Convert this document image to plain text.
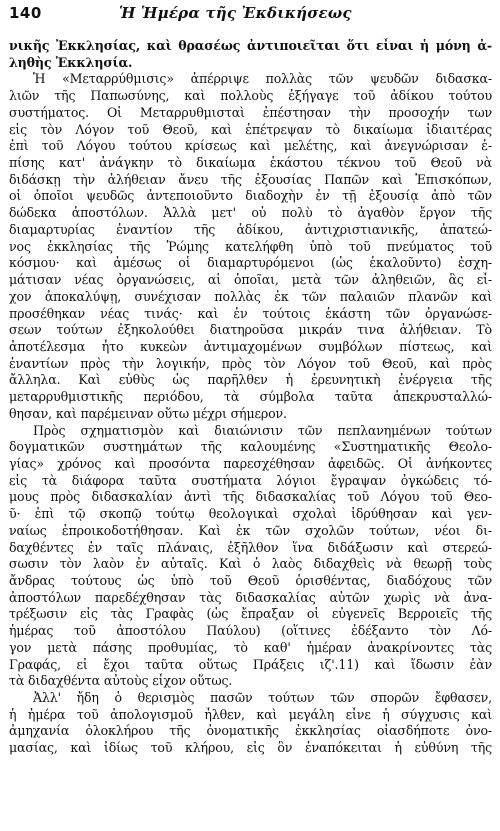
140	Ἡ Ἡμέρα τῆς Ἐκδικήσεως
νικῆς Ἐκκλησίας, καὶ θρασέως ἀντιποιεῖται ὅτι εἶναι ἡ μόνη ἀ-
ληθὴς Ἐκκλησία.
Ἡ «Μεταρρύθμισις» ἀπέρριψε πολλὰς τῶν ψευδῶν διδασκα-
λιῶν τῆς Παπωσύνης, καὶ πολλοὺς ἐξήγαγε τοῦ ἀδίκου τούτου
συστήματος. Οἱ Μεταρρυθμισταὶ ἐπέστησαν τὴν προσοχήν των
εἰς τὸν Λόγον τοῦ Θεοῦ, καὶ ἐπέτρεψαν τὸ δικαίωμα ἰδιαιτέρας
ἐπὶ τοῦ Λόγου τούτου κρίσεως καὶ μελέτης, καὶ ἀνεγνώρισαν ἐ-
πίσης κατ' ἀνάγκην τὸ δικαίωμα ἑκάστου τέκνου τοῦ Θεοῦ νὰ
διδάσκῃ τὴν ἀλήθειαν ἄνευ τῆς ἐξουσίας Παπῶν καὶ Ἐπισκόπων,
οἱ ὁποῖοι ψευδῶς ἀντεποιοῦντο διαδοχὴν ἐν τῇ ἐξουσίᾳ ἀπὸ τῶν
δώδεκα ἀποστόλων. Ἀλλὰ μετ' οὐ πολὺ τὸ ἀγαθὸν ἔργον τῆς
διαμαρτυρίας ἐναντίον τῆς ἀδίκου, ἀντιχριστιανικῆς, ἀπατεώ-
νος ἐκκλησίας τῆς Ῥώμης κατελήφθη ὑπὸ τοῦ πνεύματος τοῦ
κόσμου· καὶ ἀμέσως οἱ διαμαρτυρόμενοι (ὡς ἐκαλοῦντο) ἐσχη-
μάτισαν νέας ὀργανώσεις, αἱ ὁποῖαι, μετὰ τῶν ἀληθειῶν, ἃς εἶ-
χον ἀποκαλύψῃ, συνέχισαν πολλὰς ἐκ τῶν παλαιῶν πλανῶν καὶ
προσέθηκαν νέας τινάς· καὶ ἐν τούτοις ἑκάστη τῶν ὀργανώσε-
σεων τούτων ἐξηκολούθει διατηροῦσα μικράν τινα ἀλήθειαν. Τὸ
ἀποτέλεσμα ἦτο κυκεὼν ἀντιμαχομένων συμβόλων πίστεως, καὶ
ἐναντίων πρὸς τὴν λογικήν, πρὸς τὸν Λόγον τοῦ Θεοῦ, καὶ πρὸς
ἄλληλα. Καὶ εὐθὺς ὡς παρῆλθεν ἡ ἐρευνητικὴ ἐνέργεια τῆς
μεταρρυθμιστικῆς περιόδου, τὰ σύμβολα ταῦτα ἀπεκρυσταλλώ-
θησαν, καὶ παρέμειναν οὕτω μέχρι σήμερον.
Πρὸς σχηματισμὸν καὶ διαιώνισιν τῶν πεπλανημένων τούτων
δογματικῶν συστημάτων τῆς καλουμένης «Συστηματικῆς Θεολο-
γίας» χρόνος καὶ προσόντα παρεσχέθησαν ἀφειδῶς. Οἱ ἀνήκοντες
εἰς τὰ διάφορα ταῦτα συστήματα λόγιοι ἔγραψαν ὀγκώδεις τό-
μους πρὸς διδασκαλίαν ἀντὶ τῆς διδασκαλίας τοῦ Λόγου τοῦ Θεο-
ῦ· ἐπὶ τῷ σκοπῷ τούτῳ θεολογικαὶ σχολαὶ ἱδρύθησαν καὶ γεν-
ναίως ἐπροικοδοτήθησαν. Καὶ ἐκ τῶν σχολῶν τούτων, νέοι δι-
δαχθέντες ἐν ταῖς πλάναις, ἐξῆλθον ἵνα διδάξωσιν καὶ στερεώ-
σωσιν τὸν λαὸν ἐν αὐταῖς. Καὶ ὁ λαὸς διδαχθεὶς νὰ θεωρῇ τοὺς
ἄνδρας τούτους ὡς ὑπὸ τοῦ Θεοῦ ὁρισθέντας, διαδόχους τῶν
ἀποστόλων παρεδέχθησαν τὰς διδασκαλίας αὐτῶν χωρὶς νὰ ἀνα-
τρέξωσιν εἰς τὰς Γραφὰς (ὡς ἔπραξαν οἱ εὐγενεῖς Βερροιεῖς τῆς
ἡμέρας τοῦ ἀποστόλου Παύλου) (οἵτινες ἐδέξαντο τὸν Λό-
γον μετὰ πάσης προθυμίας, τὸ καθ' ἡμέραν ἀνακρίνοντες τὰς
Γραφάς, εἰ ἔχοι ταῦτα οὕτως Πράξεις ιζ'.11) καὶ ἴδωσιν ἐὰν
τὰ διδαχθέντα αὐτοὺς εἶχον οὕτως.
Ἀλλ' ἤδη ὁ θερισμὸς πασῶν τούτων τῶν σπορῶν ἔφθασεν,
ἡ ἡμέρα τοῦ ἀπολογισμοῦ ἦλθεν, καὶ μεγάλη εἶνε ἡ σύγχυσις καὶ
ἀμηχανία ὁλοκλήρου τῆς ὀνοματικῆς ἐκκλησίας οἱασδήποτε ὀνο-
μασίας, καὶ ἰδίως τοῦ κλήρου, εἰς ὃν ἐναπόκειται ἡ εὐθύνη τῆς
